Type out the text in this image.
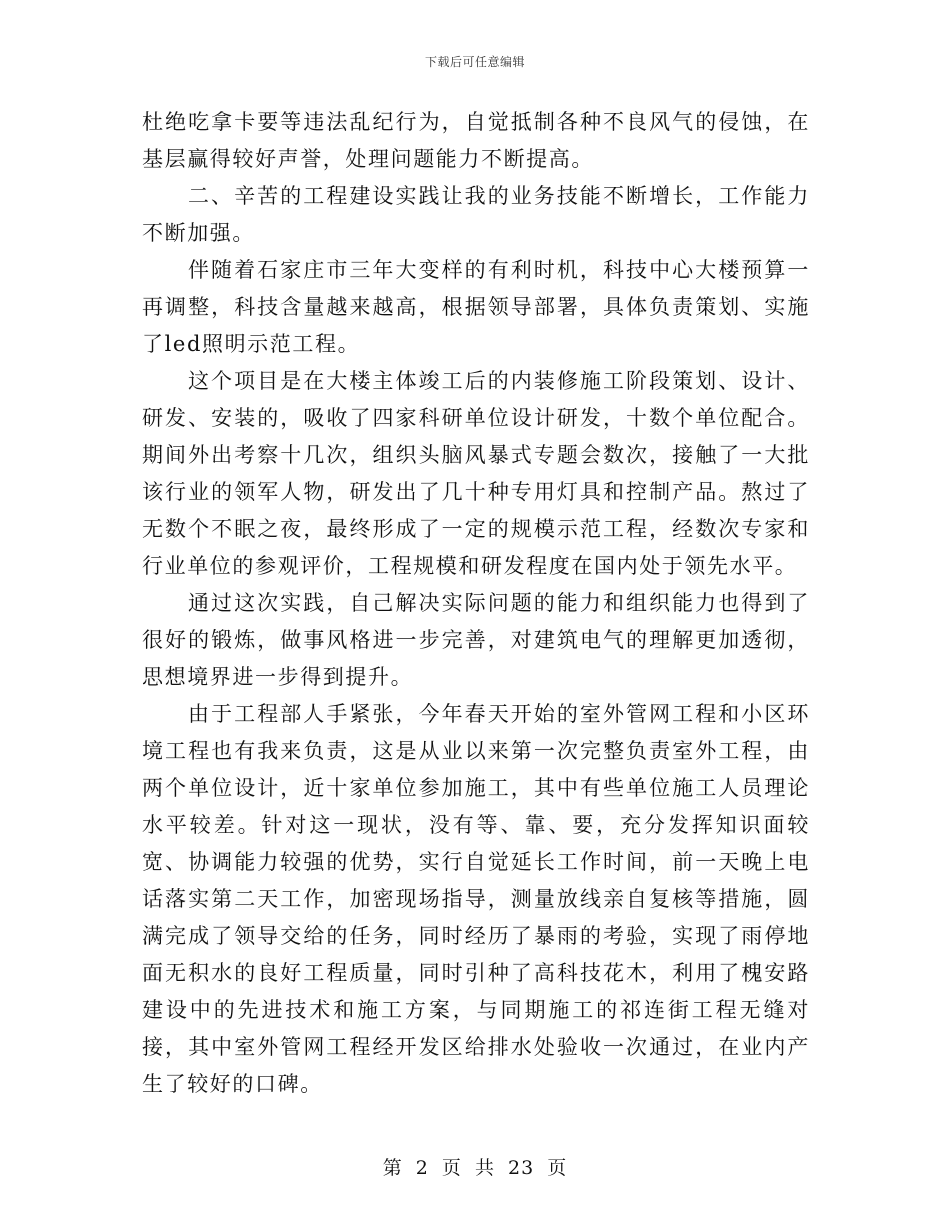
下载后可任意编辑

杜绝吃拿卡要等违法乱纪行为，自觉抵制各种不良风气的侵蚀，在基层赢得较好声誉，处理问题能力不断提高。

二、辛苦的工程建设实践让我的业务技能不断增长，工作能力不断加强。

伴随着石家庄市三年大变样的有利时机，科技中心大楼预算一再调整，科技含量越来越高，根据领导部署，具体负责策划、实施了led照明示范工程。

这个项目是在大楼主体竣工后的内装修施工阶段策划、设计、研发、安装的，吸收了四家科研单位设计研发，十数个单位配合。期间外出考察十几次，组织头脑风暴式专题会数次，接触了一大批该行业的领军人物，研发出了几十种专用灯具和控制产品。熬过了无数个不眠之夜，最终形成了一定的规模示范工程，经数次专家和行业单位的参观评价，工程规模和研发程度在国内处于领先水平。

通过这次实践，自己解决实际问题的能力和组织能力也得到了很好的锻炼，做事风格进一步完善，对建筑电气的理解更加透彻，思想境界进一步得到提升。

由于工程部人手紧张，今年春天开始的室外管网工程和小区环境工程也有我来负责，这是从业以来第一次完整负责室外工程，由两个单位设计，近十家单位参加施工，其中有些单位施工人员理论水平较差。针对这一现状，没有等、靠、要，充分发挥知识面较宽、协调能力较强的优势，实行自觉延长工作时间，前一天晚上电话落实第二天工作，加密现场指导，测量放线亲自复核等措施，圆满完成了领导交给的任务，同时经历了暴雨的考验，实现了雨停地面无积水的良好工程质量，同时引种了高科技花木，利用了槐安路建设中的先进技术和施工方案，与同期施工的祁连街工程无缝对接，其中室外管网工程经开发区给排水处验收一次通过，在业内产生了较好的口碑。

第 2 页 共 23 页
